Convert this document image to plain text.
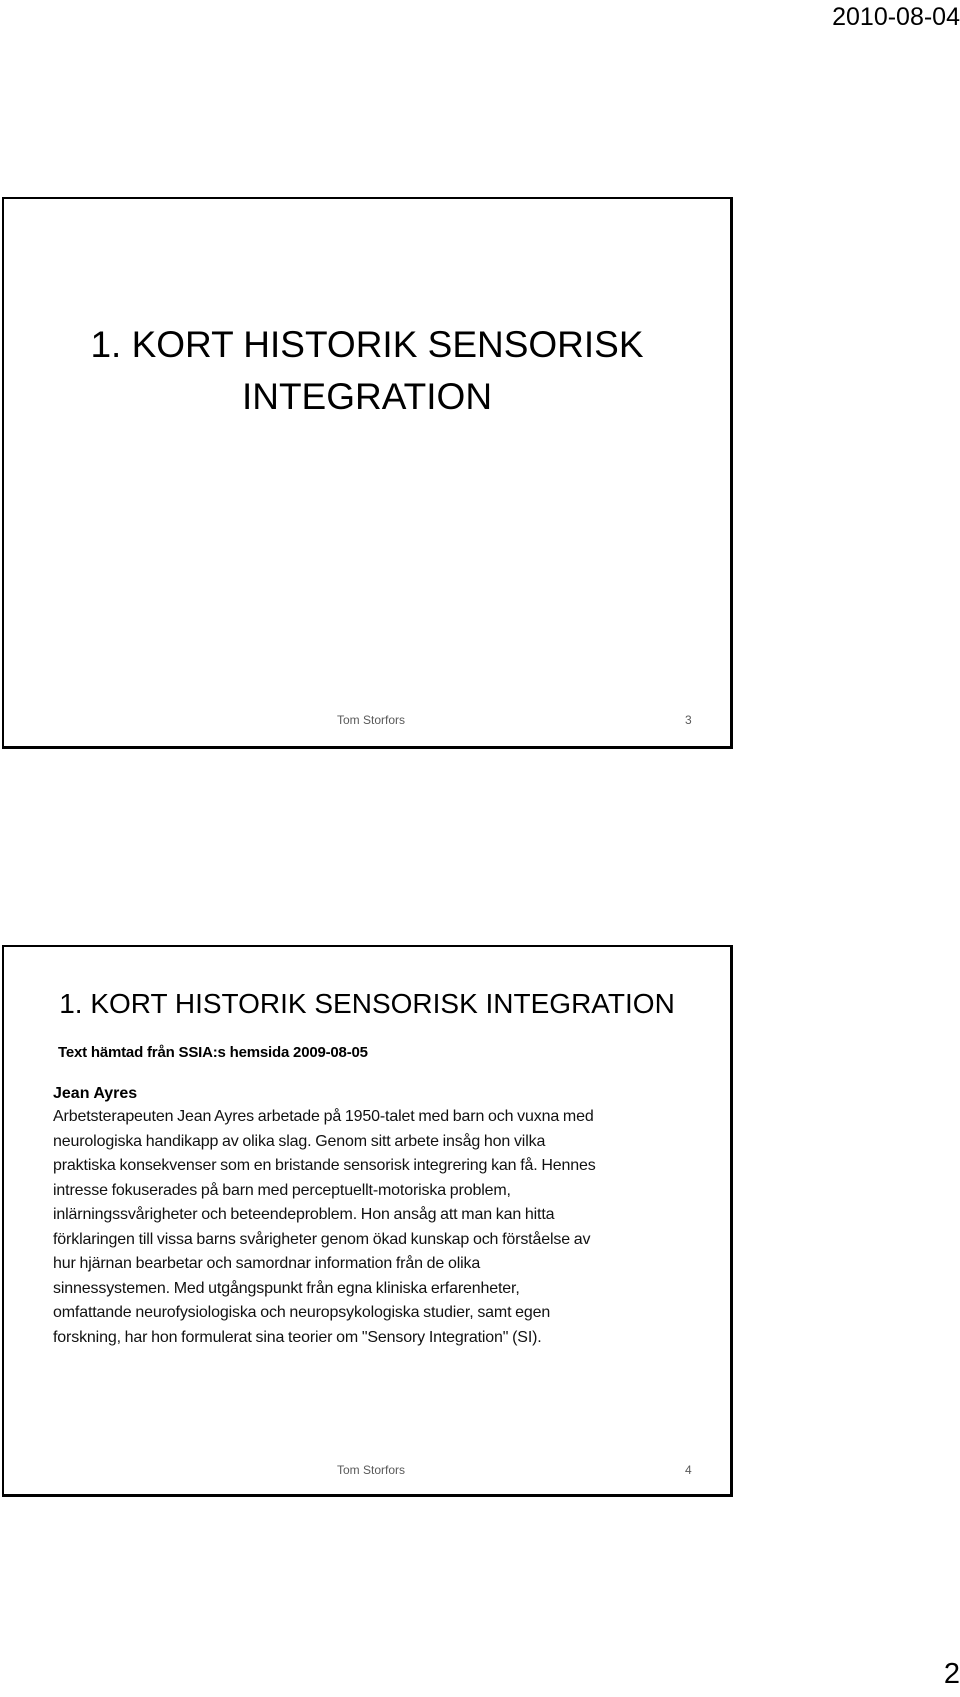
2010-08-04
1. KORT HISTORIK SENSORISK INTEGRATION
Tom Storfors	3
1. KORT HISTORIK SENSORISK INTEGRATION
Text hämtad från SSIA:s hemsida 2009-08-05
Jean Ayres

Arbetsterapeuten Jean Ayres arbetade på 1950-talet med barn och vuxna med
neurologiska handikapp av olika slag. Genom sitt arbete insåg hon vilka
praktiska konsekvenser som en bristande sensorisk integrering kan få. Hennes
intresse fokuserades på barn med perceptuellt-motoriska problem,
inlärningssvårigheter och beteendeproblem. Hon ansåg att man kan hitta
förklaringen till vissa barns svårigheter genom ökad kunskap och förståelse av
hur hjärnan bearbetar och samordnar information från de olika
sinnessystemen. Med utgångspunkt från egna kliniska erfarenheter,
omfattande neurofysiologiska och neuropsykologiska studier, samt egen
forskning, har hon formulerat sina teorier om "Sensory Integration" (SI).

Tom Storfors	4
2
